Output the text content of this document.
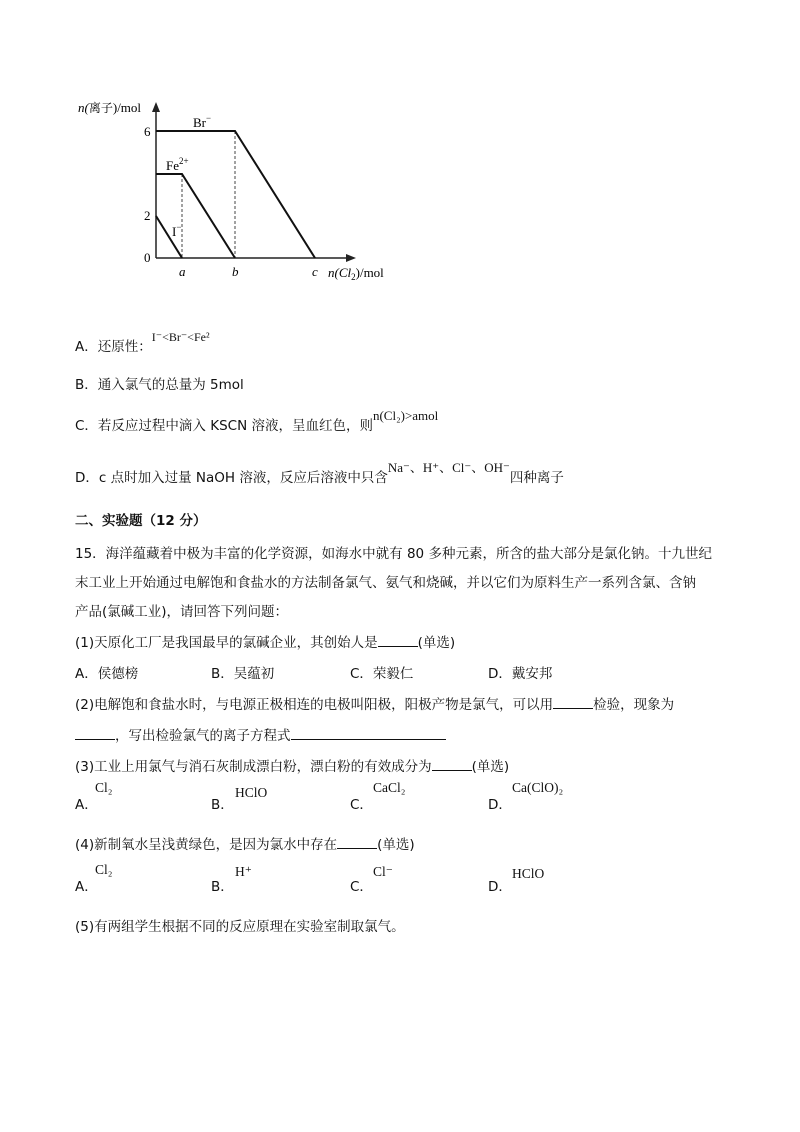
n(离子)/mol
0
2
6
a	b	c $n(Cl_2)$/mol
Br−
$Fe^{2+}$
I−
A．还原性：I⁻<Br⁻<Fe²
B．通入氯气的总量为 5mol
C．若反应过程中滴入 KSCN 溶液，呈血红色，则n(Cl₂)>amol
D．c 点时加入过量 NaOH 溶液，反应后溶液中只含Na⁻、H⁺、Cl⁻、OH⁻四种离子
二、实验题（12 分）
15．海洋蕴藏着中极为丰富的化学资源，如海水中就有 80 多种元素，所含的盐大部分是氯化钠。十九世纪
末工业上开始通过电解饱和食盐水的方法制备氯气、氨气和烧碱，并以它们为原料生产一系列含氯、含钠
产品(氯碱工业)，请回答下列问题：
(1)天原化工厂是我国最早的氯碱企业，其创始人是	(单选)
A．侯德榜	B．吴蕴初	C．荣毅仁	D．戴安邦
(2)电解饱和食盐水时，与电源正极相连的电极叫阳极，阳极产物是氯气，可以用	检验，现象为
，写出检验氯气的离子方程式
(3)工业上用氯气与消石灰制成漂白粉，漂白粉的有效成分为	(单选)
A．
Cl₂
B．
HClO
C．
CaCl₂
D．
Ca(ClO)₂
(4)新制氧水呈浅黄绿色，是因为氯水中存在	(单选)
A．
Cl₂
B．
H⁺
C．
Cl⁻
D．
HClO
(5)有两组学生根据不同的反应原理在实验室制取氯气。
